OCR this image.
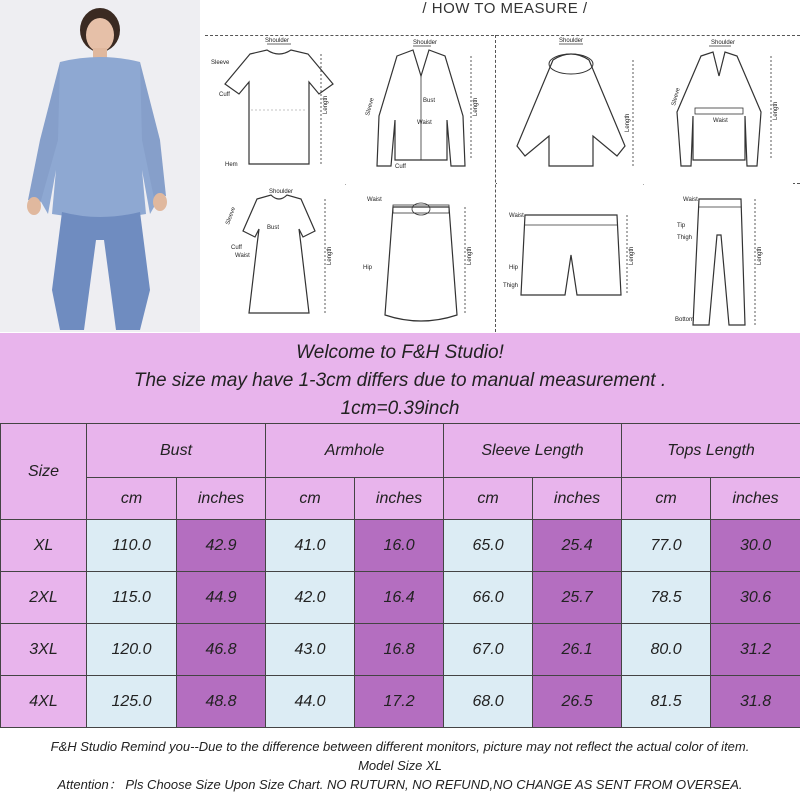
/ HOW TO MEASURE /
Shoulder
Sleeve
Cuff
Hem
Length
Shoulder
Sleeve	Bust
Waist
Cuff
Length
Shoulder
Length
Shoulder
Sleeve
Waist
Length
Shoulder
Sleeve
Bust
Cuff
Waist	Length
Waist
Hip
Length
Waist
Hip
Thigh
Length
Waist
Tip
Thigh
Bottom
Length
Welcome to F&H Studio!
The size may have 1-3cm differs due to manual measurement .
1cm=0.39inch
Size	Bust		Armhole		Sleeve Length		Tops Length	
	cm	inches	cm	inches	cm	inches	cm	inches
XL	110.0	42.9	41.0	16.0	65.0	25.4	77.0	30.0
2XL	115.0	44.9	42.0	16.4	66.0	25.7	78.5	30.6
3XL	120.0	46.8	43.0	16.8	67.0	26.1	80.0	31.2
4XL	125.0	48.8	44.0	17.2	68.0	26.5	81.5	31.8
F&H Studio Remind you--Due to the difference between different monitors, picture may not reflect the actual color of item.
Model Size XL
Attention： Pls Choose Size Upon Size Chart. NO RUTURN, NO REFUND,NO CHANGE AS SENT FROM OVERSEA.
